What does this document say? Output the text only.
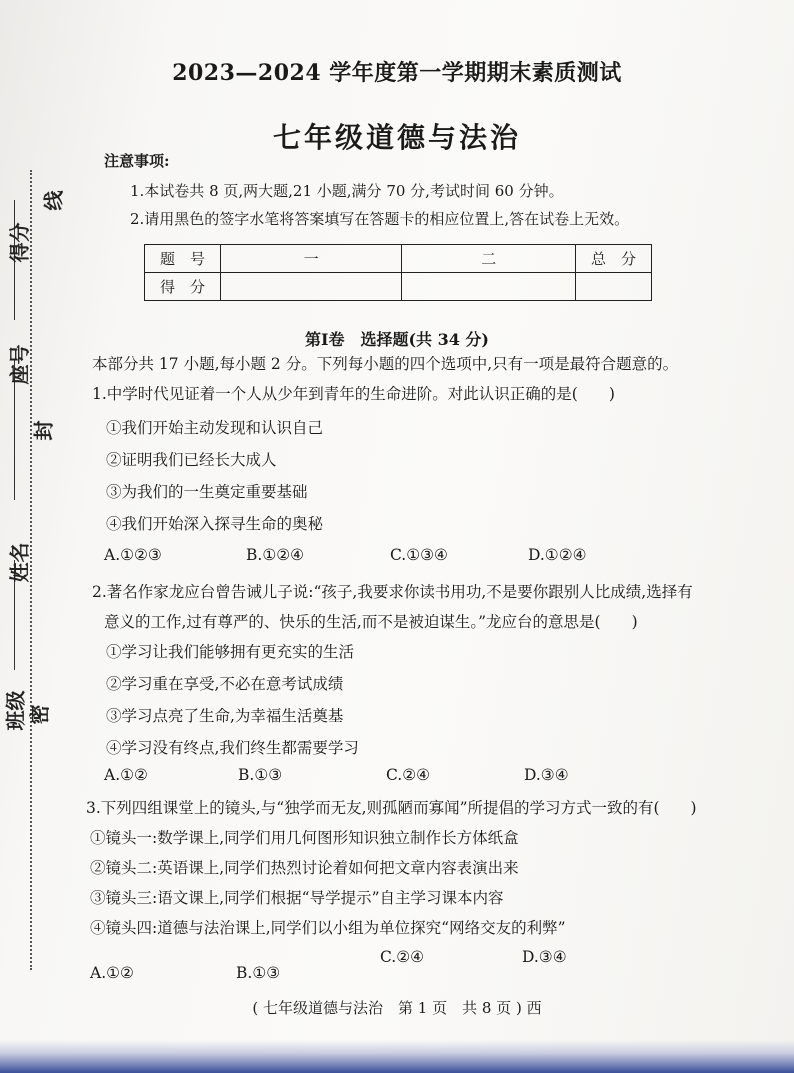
线
得分
座号
封
姓名
密
班级
2023—2024 学年度第一学期期末素质测试
七年级道德与法治
注意事项:
1.本试卷共 8 页,两大题,21 小题,满分 70 分,考试时间 60 分钟。
2.请用黑色的签字水笔将答案填写在答题卡的相应位置上,答在试卷上无效。
题　号	一	二	总　分
得　分			
第Ⅰ卷　选择题(共 34 分)
本部分共 17 小题,每小题 2 分。下列每小题的四个选项中,只有一项是最符合题意的。
1.中学时代见证着一个人从少年到青年的生命进阶。对此认识正确的是(　　)
①我们开始主动发现和认识自己
②证明我们已经长大成人
③为我们的一生奠定重要基础
④我们开始深入探寻生命的奥秘
A.①②③	B.①②④	C.①③④	D.①②④
2.著名作家龙应台曾告诫儿子说:“孩子,我要求你读书用功,不是要你跟别人比成绩,选择有
意义的工作,过有尊严的、快乐的生活,而不是被迫谋生。”龙应台的意思是(　　)
①学习让我们能够拥有更充实的生活
②学习重在享受,不必在意考试成绩
③学习点亮了生命,为幸福生活奠基
④学习没有终点,我们终生都需要学习
A.①②	B.①③	C.②④	D.③④
3.下列四组课堂上的镜头,与“独学而无友,则孤陋而寡闻”所提倡的学习方式一致的有(　　)
①镜头一:数学课上,同学们用几何图形知识独立制作长方体纸盒
②镜头二:英语课上,同学们热烈讨论着如何把文章内容表演出来
③镜头三:语文课上,同学们根据“导学提示”自主学习课本内容
④镜头四:道德与法治课上,同学们以小组为单位探究“网络交友的利弊”
A.①②	B.①③
C.②④	D.③④
( 七年级道德与法治　第 1 页　共 8 页 ) 西
